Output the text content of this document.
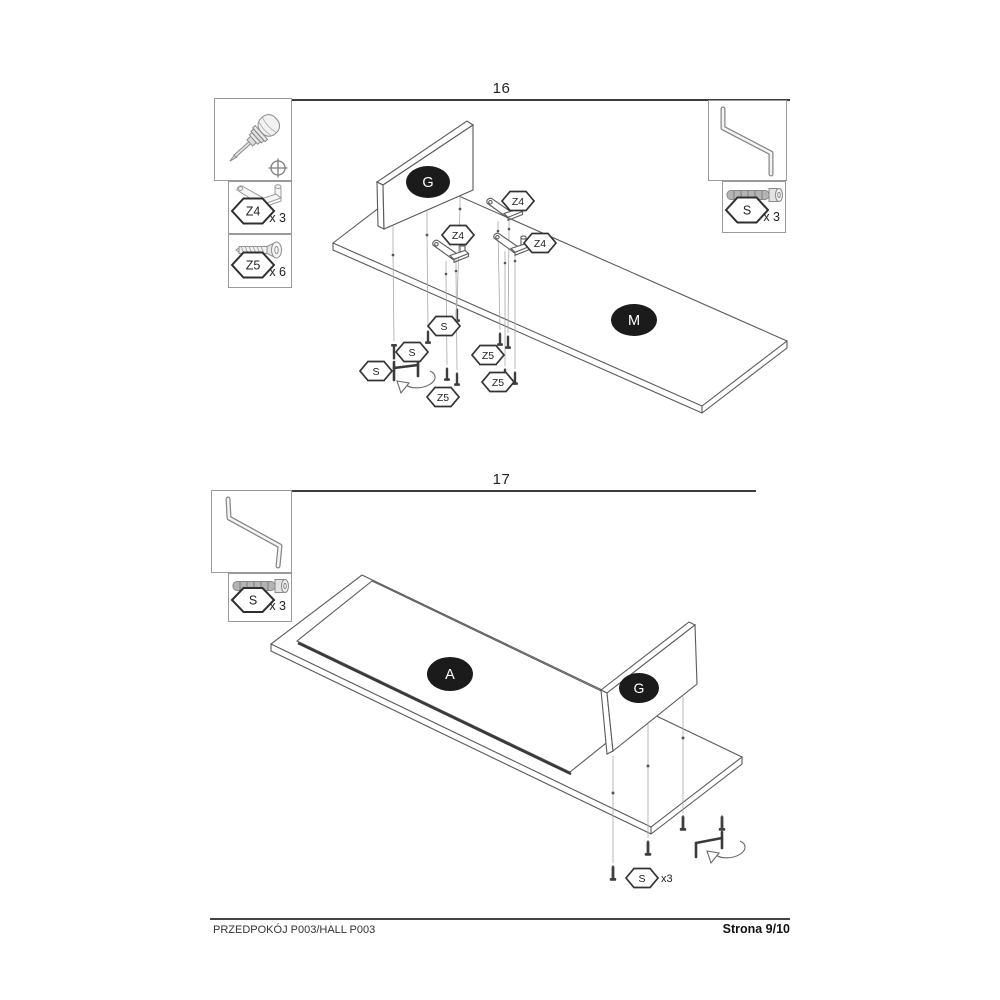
16
Z4 x 3
Z5 x 6
S x 3
G
M
Z4
Z4
Z4
S
S
S
Z5
Z5
Z5
17
S x 3
A
G
S x3
PRZEDPOKÓJ P003/HALL P003	Strona 9/10
